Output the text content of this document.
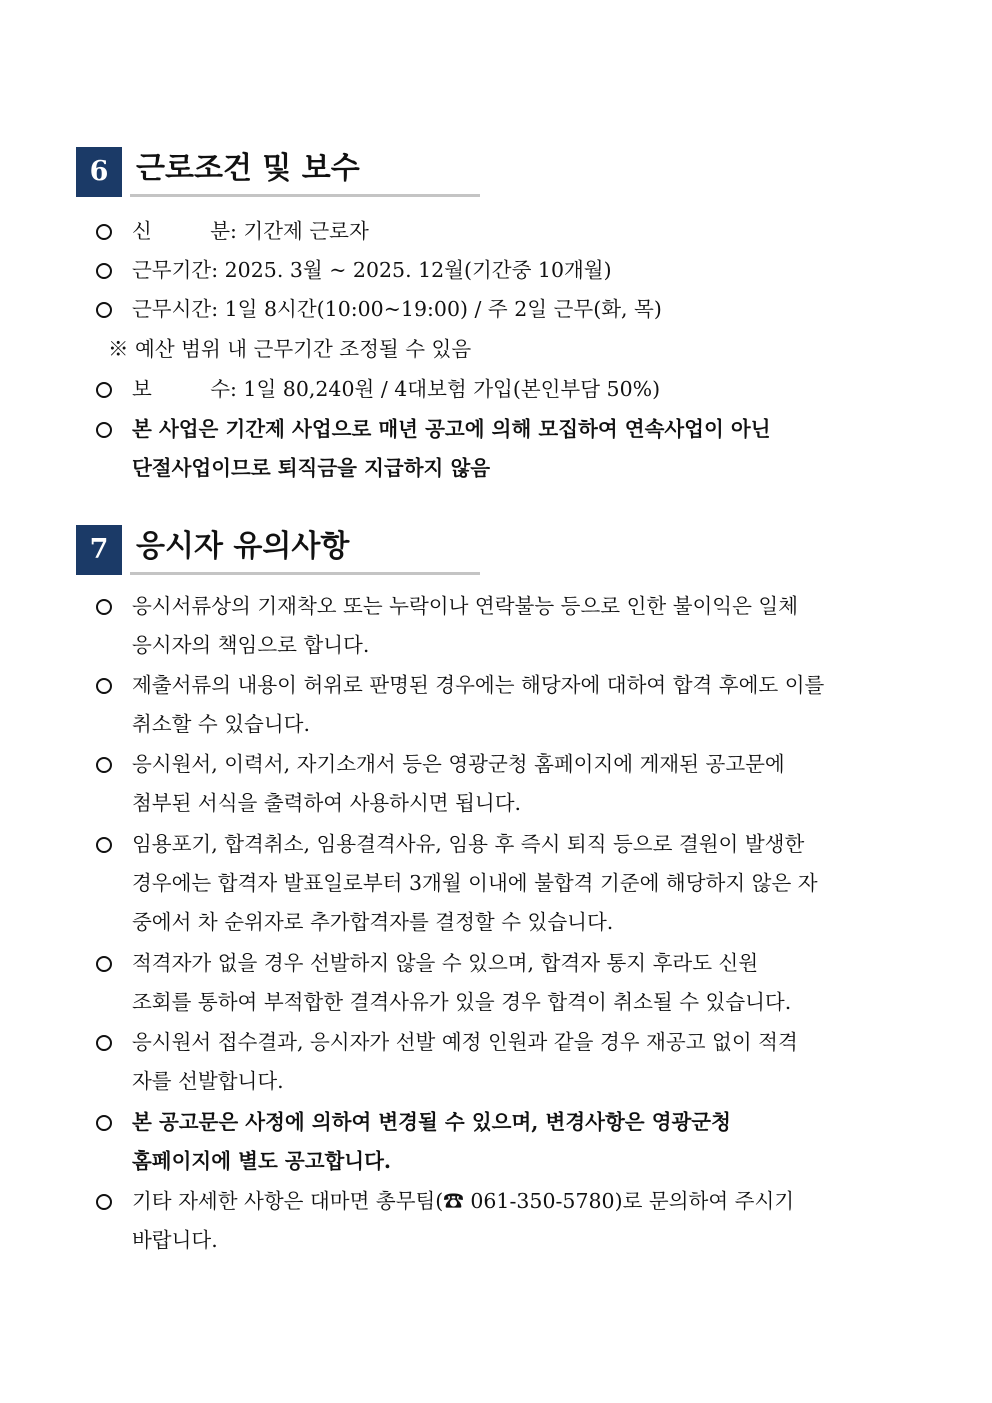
6 근로조건 및 보수
신 분: 기간제 근로자
근무기간: 2025. 3월 ~ 2025. 12월(기간중 10개월)
근무시간: 1일 8시간(10:00~19:00) / 주 2일 근무(화, 목)
※ 예산 범위 내 근무기간 조정될 수 있음
보 수: 1일 80,240원 / 4대보험 가입(본인부담 50%)
본 사업은 기간제 사업으로 매년 공고에 의해 모집하여 연속사업이 아닌
단절사업이므로 퇴직금을 지급하지 않음
7 응시자 유의사항
응시서류상의 기재착오 또는 누락이나 연락불능 등으로 인한 불이익은 일체
응시자의 책임으로 합니다.
제출서류의 내용이 허위로 판명된 경우에는 해당자에 대하여 합격 후에도 이를
취소할 수 있습니다.
응시원서, 이력서, 자기소개서 등은 영광군청 홈페이지에 게재된 공고문에
첨부된 서식을 출력하여 사용하시면 됩니다.
임용포기, 합격취소, 임용결격사유, 임용 후 즉시 퇴직 등으로 결원이 발생한
경우에는 합격자 발표일로부터 3개월 이내에 불합격 기준에 해당하지 않은 자
중에서 차 순위자로 추가합격자를 결정할 수 있습니다.
적격자가 없을 경우 선발하지 않을 수 있으며, 합격자 통지 후라도 신원
조회를 통하여 부적합한 결격사유가 있을 경우 합격이 취소될 수 있습니다.
응시원서 접수결과, 응시자가 선발 예정 인원과 같을 경우 재공고 없이 적격
자를 선발합니다.
본 공고문은 사정에 의하여 변경될 수 있으며, 변경사항은 영광군청
홈페이지에 별도 공고합니다.
기타 자세한 사항은 대마면 총무팀(☎ 061-350-5780)로 문의하여 주시기
바랍니다.
